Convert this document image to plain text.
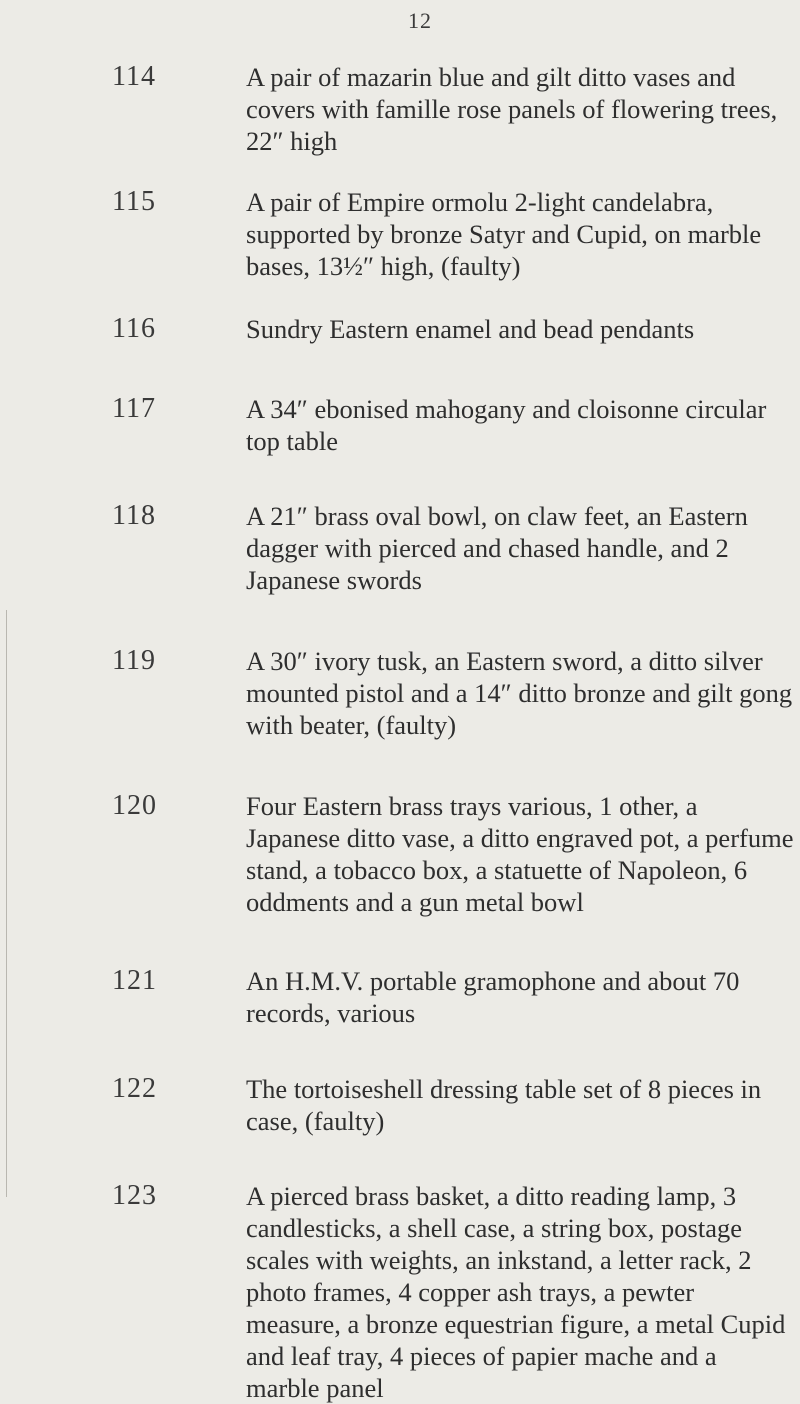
12
114	A pair of mazarin blue and gilt ditto vases and covers with famille rose panels of flowering trees, 22″ high

115	A pair of Empire ormolu 2-light candelabra, supported by bronze Satyr and Cupid, on marble bases, 13½″ high, (faulty)

116	Sundry Eastern enamel and bead pendants

117	A 34″ ebonised mahogany and cloisonne circular top table

118	A 21″ brass oval bowl, on claw feet, an Eastern dagger with pierced and chased handle, and 2 Japanese swords

119	A 30″ ivory tusk, an Eastern sword, a ditto silver mounted pistol and a 14″ ditto bronze and gilt gong with beater, (faulty)

120	Four Eastern brass trays various, 1 other, a Japanese ditto vase, a ditto engraved pot, a perfume stand, a tobacco box, a statuette of Napoleon, 6 oddments and a gun metal bowl

121	An H.M.V. portable gramophone and about 70 records, various

122	The tortoiseshell dressing table set of 8 pieces in case, (faulty)

123	A pierced brass basket, a ditto reading lamp, 3 candlesticks, a shell case, a string box, postage scales with weights, an inkstand, a letter rack, 2 photo frames, 4 copper ash trays, a pewter measure, a bronze equestrian figure, a metal Cupid and leaf tray, 4 pieces of papier mache and a marble panel
